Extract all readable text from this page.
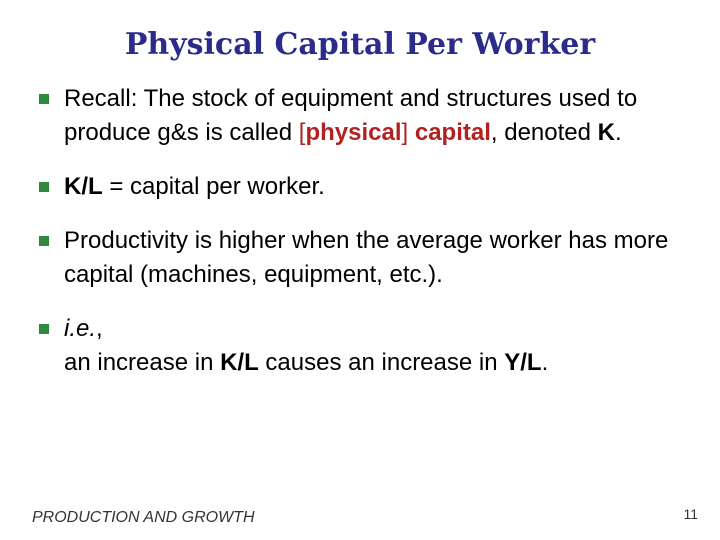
Physical Capital Per Worker
Recall: The stock of equipment and structures used to produce g&s is called [physical] capital, denoted K.
K/L = capital per worker.
Productivity is higher when the average worker has more capital (machines, equipment, etc.).
i.e.,
an increase in K/L causes an increase in Y/L.
PRODUCTION AND GROWTH	11
